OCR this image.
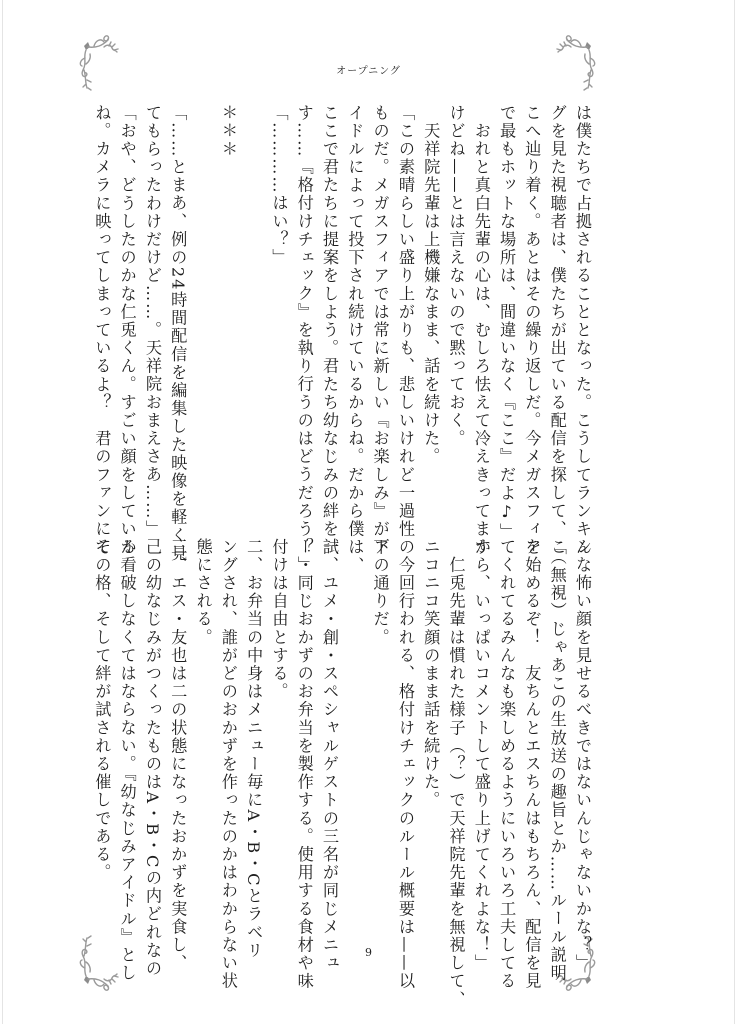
オープニング
は僕たちで占拠されることとなった。こうしてランキン
グを見た視聴者は、僕たちが出ている配信を探して、こ
こへ辿り着く。あとはその繰り返しだ。今メガスフィア
で最もホットな場所は、間違いなく『ここ』だよ♪」
　おれと真白先輩の心は、むしろ怯えて冷えきってます
けどね——とは言えないので黙っておく。
　天祥院先輩は上機嫌なまま、話を続けた。
「この素晴らしい盛り上がりも、悲しいけれど一過性の
ものだ。メガスフィアでは常に新しい『お楽しみ』がア
イドルによって投下され続けているからね。だから僕は、
ここで君たちに提案をしよう。君たち幼なじみの絆を試
す……『格付けチェック』を執り行うのはどうだろう？」
「…………はい？」
＊＊＊
「……とまあ、例の24時間配信を編集した映像を軽く見
てもらったわけだけど……。天祥院おまえさあ……」
「おや、どうしたのかな仁兎くん。すごい顔をしている
ね。カメラに映ってしまっているよ？　君のファンにそ
んな怖い顔を見せるべきではないんじゃないかな？」
「（無視）じゃあこの生放送の趣旨とか……ルール説明
を始めるぞ！　友ちんとエスちんはもちろん、配信を見
てくれてるみんなも楽しめるようにいろいろ工夫してる
から、いっぱいコメントして盛り上げてくれよな！」
　仁兎先輩は慣れた様子（？）で天祥院先輩を無視して、
ニコニコ笑顔のまま話を続けた。
　今回行われる、格付けチェックのルール概要は——以
下の通りだ。
一、ユメ・創・スペシャルゲストの三名が同じメニュ
ー・同じおかずのお弁当を製作する。使用する食材や味
付けは自由とする。
二、お弁当の中身はメニュー毎にA・B・Cとラベリ
ングされ、誰がどのおかずを作ったのかはわからない状
態にされる。
三、エス・友也は二の状態になったおかずを実食し、
己の幼なじみがつくったものはA・B・Cの内どれなの
か看破しなくてはならない。『幼なじみアイドル』とし
ての格、そして絆が試される催しである。
9
